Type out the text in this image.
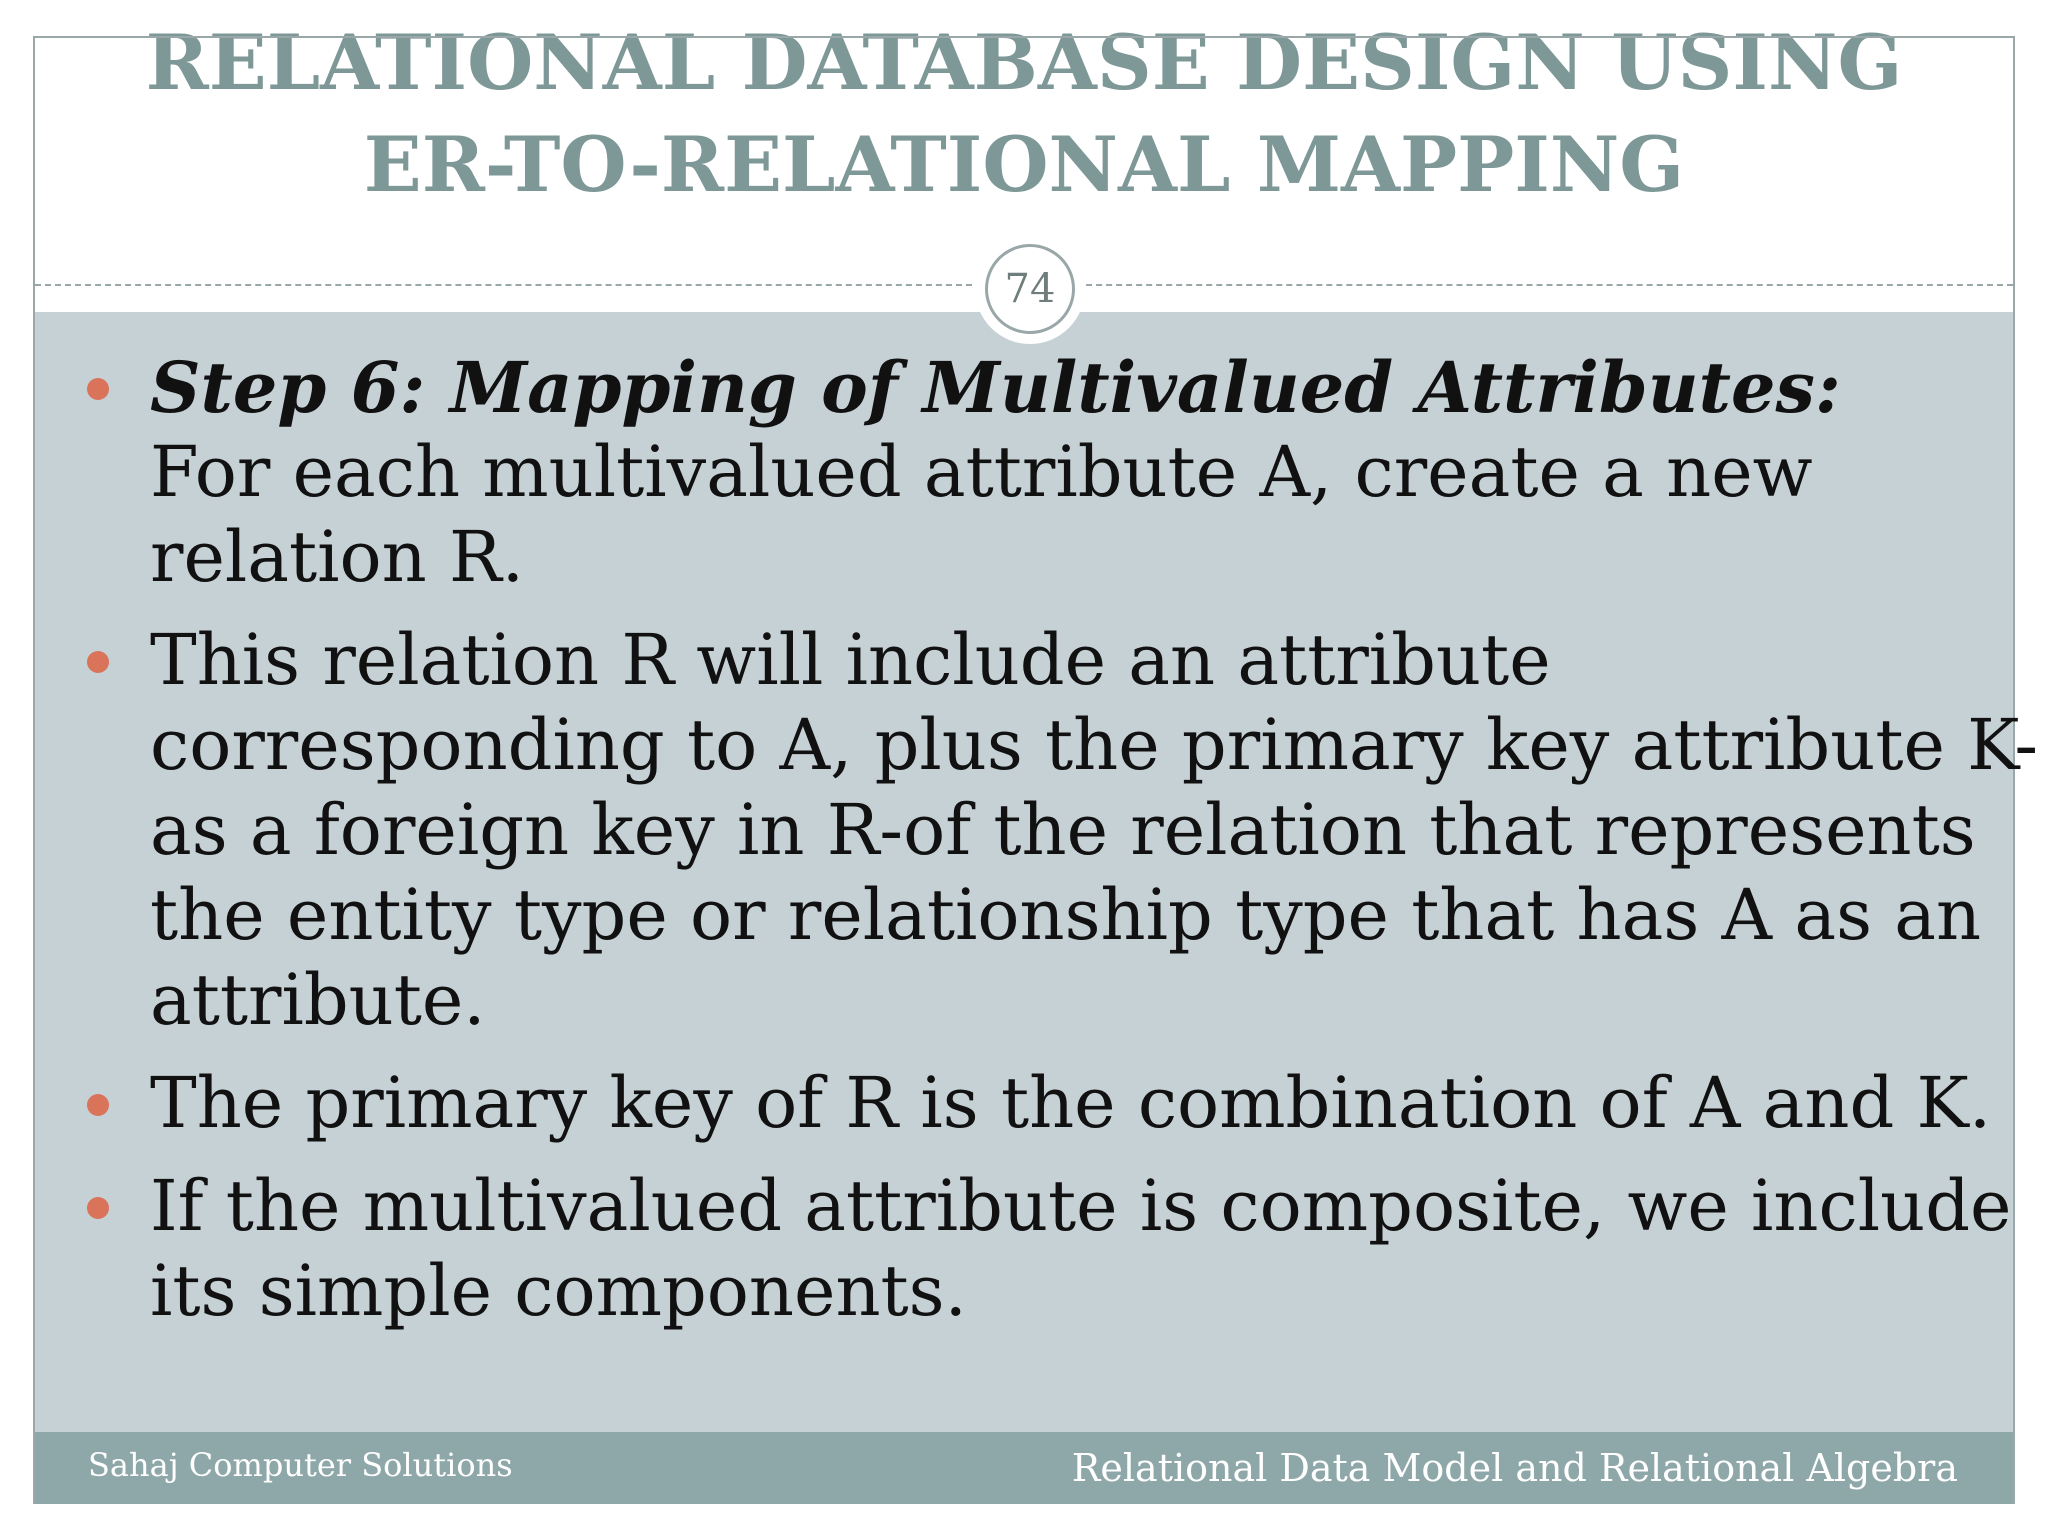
RELATIONAL DATABASE DESIGN USING
ER-TO-RELATIONAL MAPPING
74
Step 6: Mapping of Multivalued Attributes:
For each multivalued attribute A, create a new
relation R.
This relation R will include an attribute
corresponding to A, plus the primary key attribute K-
as a foreign key in R-of the relation that represents
the entity type or relationship type that has A as an
attribute.
The primary key of R is the combination of A and K.
If the multivalued attribute is composite, we include
its simple components.
Sahaj Computer Solutions	Relational Data Model and Relational Algebra
